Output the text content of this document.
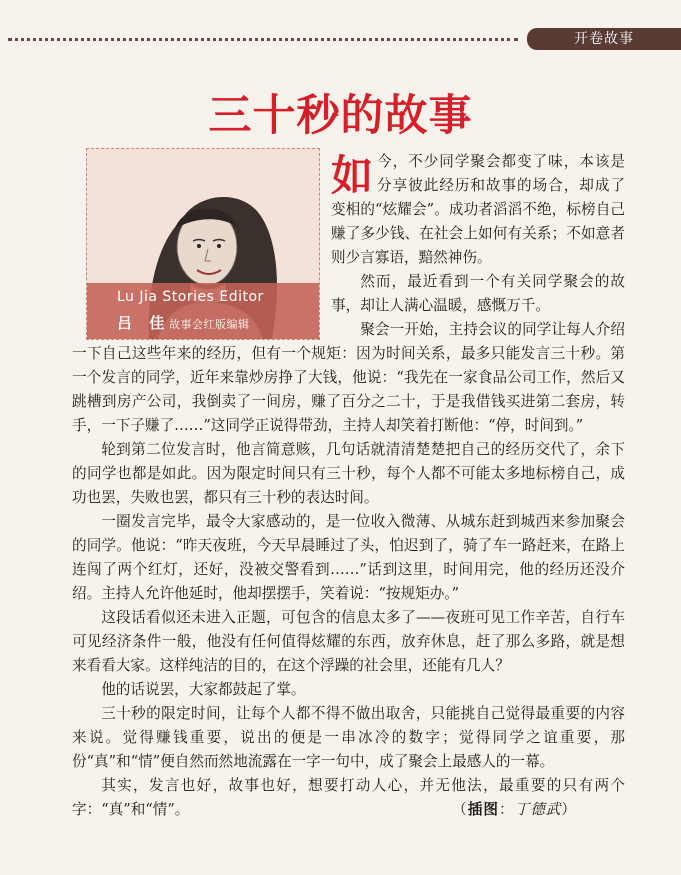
开卷故事
三十秒的故事
Lu Jia Stories Editor
吕 佳
故事会红版编辑

如今，不少同学聚会都变了味，本该是分享彼此经历和故事的场合，却成了变相的“炫耀会”。成功者滔滔不绝，标榜自己赚了多少钱、在社会上如何有关系；不如意者则少言寡语，黯然神伤。

然而，最近看到一个有关同学聚会的故事，却让人满心温暖，感慨万千。

聚会一开始，主持会议的同学让每人介绍一下自己这些年来的经历，但有一个规矩：因为时间关系，最多只能发言三十秒。第一个发言的同学，近年来靠炒房挣了大钱，他说：“我先在一家食品公司工作，然后又跳槽到房产公司，我倒卖了一间房，赚了百分之二十，于是我借钱买进第二套房，转手，一下子赚了……”这同学正说得带劲，主持人却笑着打断他：“停，时间到。”

轮到第二位发言时，他言简意赅，几句话就清清楚楚把自己的经历交代了，余下的同学也都是如此。因为限定时间只有三十秒，每个人都不可能太多地标榜自己，成功也罢，失败也罢，都只有三十秒的表达时间。

一圈发言完毕，最令大家感动的，是一位收入微薄、从城东赶到城西来参加聚会的同学。他说：“昨天夜班，今天早晨睡过了头，怕迟到了，骑了车一路赶来，在路上连闯了两个红灯，还好，没被交警看到……”话到这里，时间用完，他的经历还没介绍。主持人允许他延时，他却摆摆手，笑着说：“按规矩办。”

这段话看似还未进入正题，可包含的信息太多了——夜班可见工作辛苦，自行车可见经济条件一般，他没有任何值得炫耀的东西，放弃休息，赶了那么多路，就是想来看看大家。这样纯洁的目的，在这个浮躁的社会里，还能有几人？

他的话说罢，大家都鼓起了掌。

三十秒的限定时间，让每个人都不得不做出取舍，只能挑自己觉得最重要的内容来说。觉得赚钱重要，说出的便是一串冰冷的数字；觉得同学之谊重要，那份“真”和“情”便自然而然地流露在一字一句中，成了聚会上最感人的一幕。

其实，发言也好，故事也好，想要打动人心，并无他法，最重要的只有两个字：“真”和“情”。	（插图：丁德武）
